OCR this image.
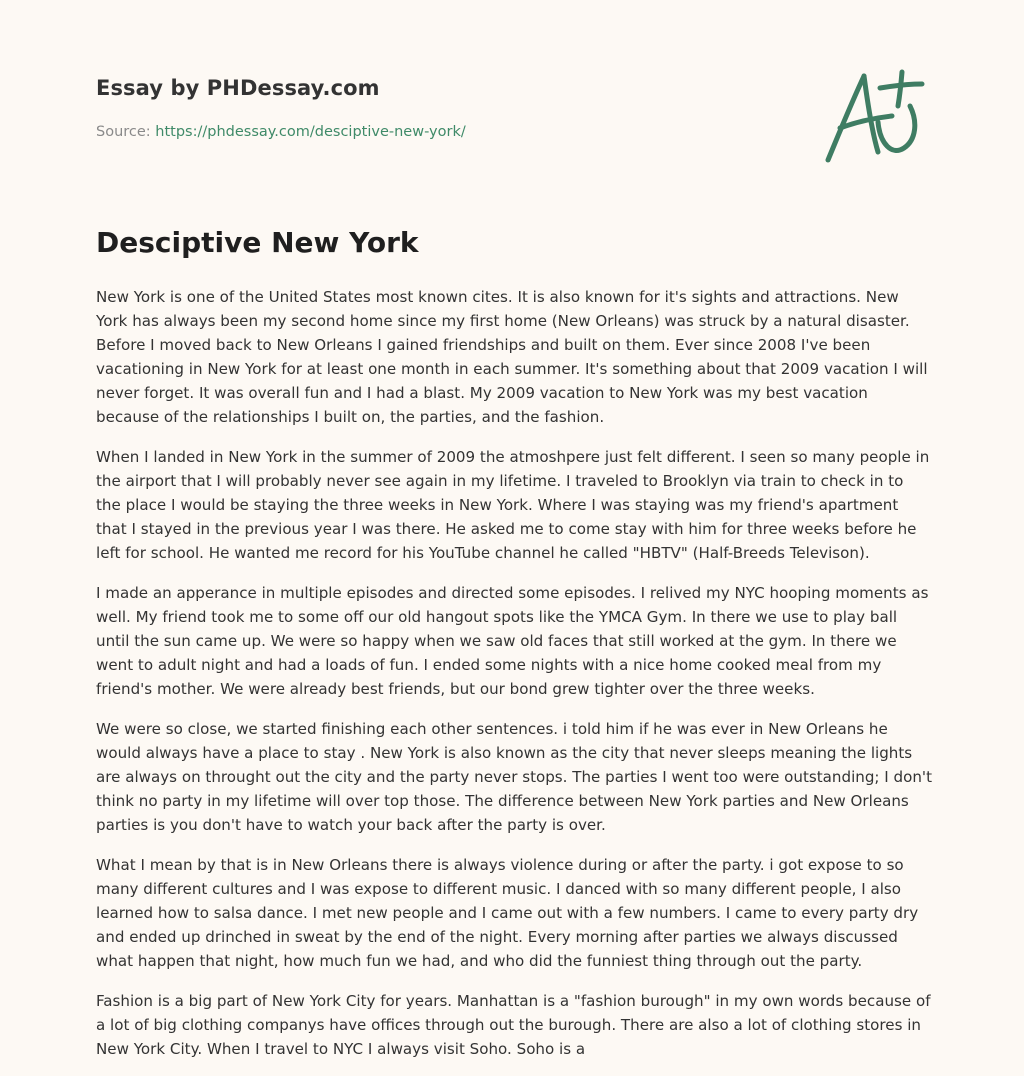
Essay by PHDessay.com
Source: https://phdessay.com/desciptive-new-york/
Desciptive New York

New York is one of the United States most known cites. It is also known for it's sights and attractions. New York has always been my second home since my first home (New Orleans) was struck by a natural disaster. Before I moved back to New Orleans I gained friendships and built on them. Ever since 2008 I've been vacationing in New York for at least one month in each summer. It's something about that 2009 vacation I will never forget. It was overall fun and I had a blast. My 2009 vacation to New York was my best vacation because of the relationships I built on, the parties, and the fashion.

When I landed in New York in the summer of 2009 the atmoshpere just felt different. I seen so many people in the airport that I will probably never see again in my lifetime. I traveled to Brooklyn via train to check in to the place I would be staying the three weeks in New York. Where I was staying was my friend's apartment that I stayed in the previous year I was there. He asked me to come stay with him for three weeks before he left for school. He wanted me record for his YouTube channel he called "HBTV" (Half-Breeds Televison).

I made an apperance in multiple episodes and directed some episodes. I relived my NYC hooping moments as well. My friend took me to some off our old hangout spots like the YMCA Gym. In there we use to play ball until the sun came up. We were so happy when we saw old faces that still worked at the gym. In there we went to adult night and had a loads of fun. I ended some nights with a nice home cooked meal from my friend's mother. We were already best friends, but our bond grew tighter over the three weeks.

We were so close, we started finishing each other sentences. i told him if he was ever in New Orleans he would always have a place to stay . New York is also known as the city that never sleeps meaning the lights are always on throught out the city and the party never stops. The parties I went too were outstanding; I don't think no party in my lifetime will over top those. The difference between New York parties and New Orleans parties is you don't have to watch your back after the party is over.

What I mean by that is in New Orleans there is always violence during or after the party. i got expose to so many different cultures and I was expose to different music. I danced with so many different people, I also learned how to salsa dance. I met new people and I came out with a few numbers. I came to every party dry and ended up drinched in sweat by the end of the night. Every morning after parties we always discussed what happen that night, how much fun we had, and who did the funniest thing through out the party.

Fashion is a big part of New York City for years. Manhattan is a "fashion burough" in my own words because of a lot of big clothing companys have offices through out the burough. There are also a lot of clothing stores in New York City. When I travel to NYC I always visit Soho. Soho is a
